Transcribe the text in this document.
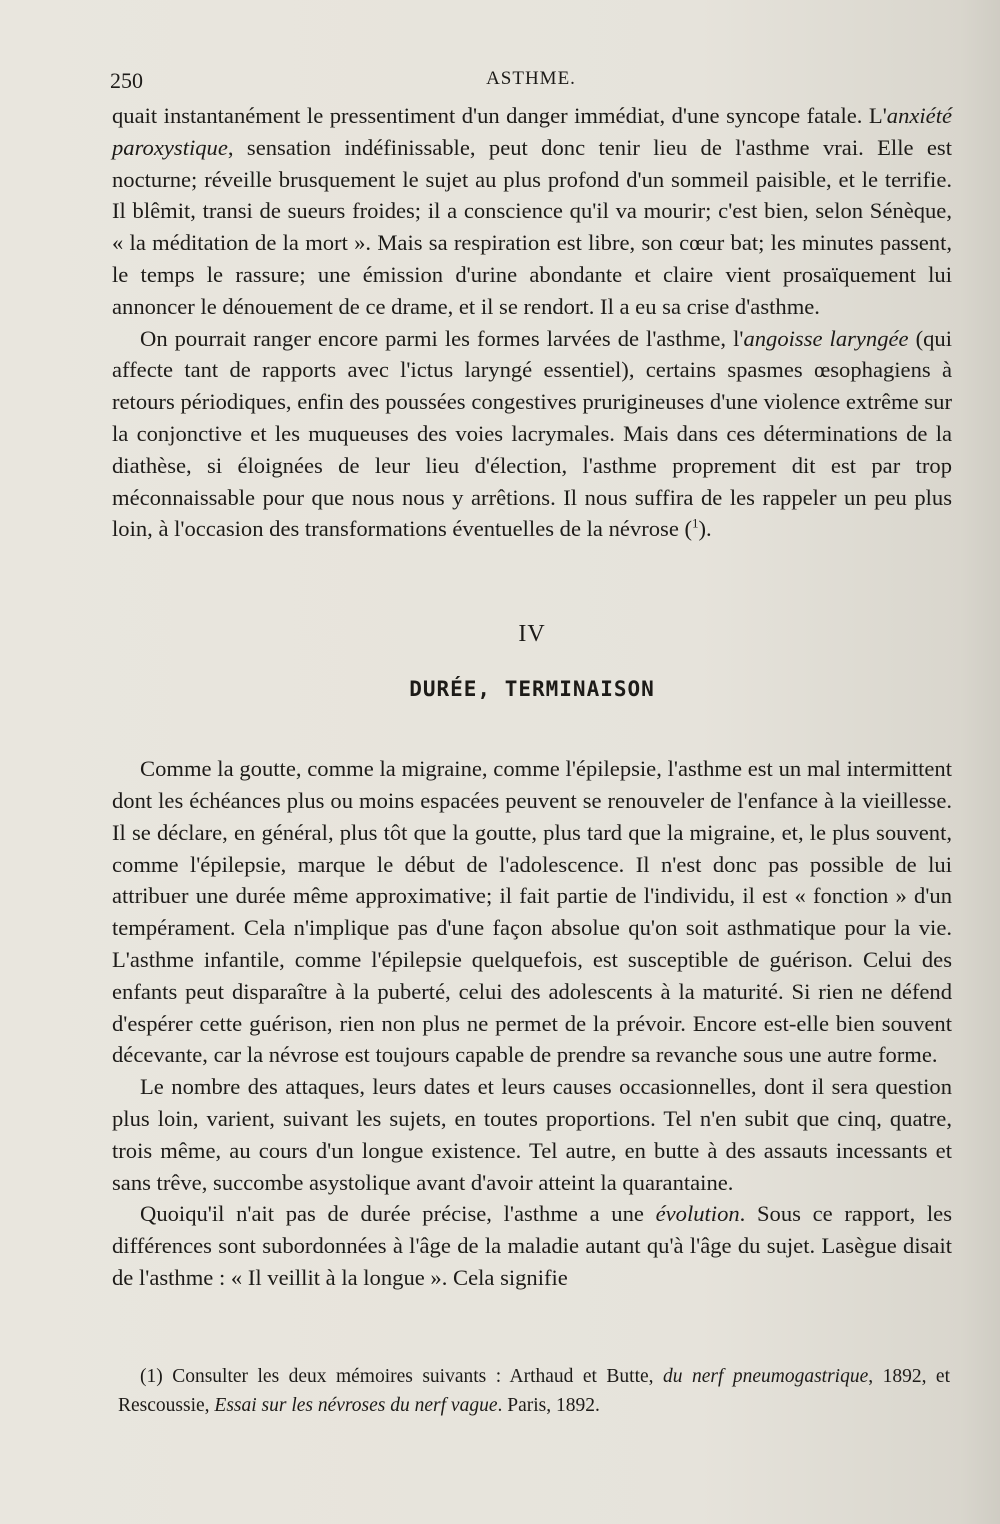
250	ASTHME.

quait instantanément le pressentiment d'un danger immédiat, d'une syncope fatale. L'anxiété paroxystique, sensation indéfinissable, peut donc tenir lieu de l'asthme vrai. Elle est nocturne; réveille brusquement le sujet au plus profond d'un sommeil paisible, et le terrifie. Il blêmit, transi de sueurs froides; il a conscience qu'il va mourir; c'est bien, selon Sénèque, « la méditation de la mort ». Mais sa respiration est libre, son cœur bat; les minutes passent, le temps le rassure; une émission d'urine abondante et claire vient prosaïquement lui annoncer le dénouement de ce drame, et il se rendort. Il a eu sa crise d'asthme.

On pourrait ranger encore parmi les formes larvées de l'asthme, l'angoisse laryngée (qui affecte tant de rapports avec l'ictus laryngé essentiel), certains spasmes œsophagiens à retours périodiques, enfin des poussées congestives prurigineuses d'une violence extrême sur la conjonctive et les muqueuses des voies lacrymales. Mais dans ces déterminations de la diathèse, si éloignées de leur lieu d'élection, l'asthme proprement dit est par trop méconnaissable pour que nous nous y arrêtions. Il nous suffira de les rappeler un peu plus loin, à l'occasion des transformations éventuelles de la névrose ($^1$).

IV
DURÉE, TERMINAISON

Comme la goutte, comme la migraine, comme l'épilepsie, l'asthme est un mal intermittent dont les échéances plus ou moins espacées peuvent se renouveler de l'enfance à la vieillesse. Il se déclare, en général, plus tôt que la goutte, plus tard que la migraine, et, le plus souvent, comme l'épilepsie, marque le début de l'adolescence. Il n'est donc pas possible de lui attribuer une durée même approximative; il fait partie de l'individu, il est « fonction » d'un tempérament. Cela n'implique pas d'une façon absolue qu'on soit asthmatique pour la vie. L'asthme infantile, comme l'épilepsie quelquefois, est susceptible de guérison. Celui des enfants peut disparaître à la puberté, celui des adolescents à la maturité. Si rien ne défend d'espérer cette guérison, rien non plus ne permet de la prévoir. Encore est-elle bien souvent décevante, car la névrose est toujours capable de prendre sa revanche sous une autre forme.

Le nombre des attaques, leurs dates et leurs causes occasionnelles, dont il sera question plus loin, varient, suivant les sujets, en toutes proportions. Tel n'en subit que cinq, quatre, trois même, au cours d'un longue existence. Tel autre, en butte à des assauts incessants et sans trêve, succombe asystolique avant d'avoir atteint la quarantaine.

Quoiqu'il n'ait pas de durée précise, l'asthme a une évolution. Sous ce rapport, les différences sont subordonnées à l'âge de la maladie autant qu'à l'âge du sujet. Lasègue disait de l'asthme : « Il veillit à la longue ». Cela signifie

(1) Consulter les deux mémoires suivants : Arthaud et Butte, du nerf pneumogastrique, 1892, et Rescoussie, Essai sur les névroses du nerf vague. Paris, 1892.
